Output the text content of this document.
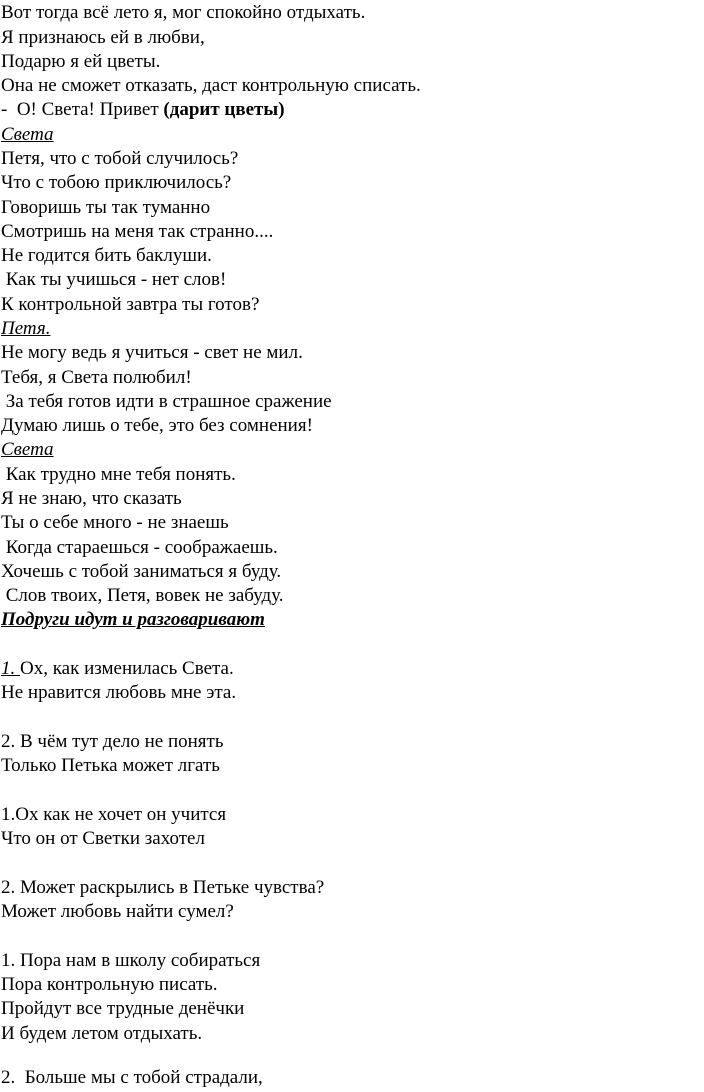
Вот тогда всё лето я, мог спокойно отдыхать.
Я признаюсь ей в любви,
Подарю я ей цветы.
Она не сможет отказать, даст контрольную списать.
-  О! Света! Привет (дарит цветы)
Света
Петя, что с тобой случилось?
Что с тобою приключилось?
Говоришь ты так туманно
Смотришь на меня так странно....
Не годится бить баклуши.
Как ты учишься - нет слов!
К контрольной завтра ты готов?
Петя.
Не могу ведь я учиться - свет не мил.
Тебя, я Света полюбил!
За тебя готов идти в страшное сражение
Думаю лишь о тебе, это без сомнения!
Света
Как трудно мне тебя понять.
Я не знаю, что сказать
Ты о себе много - не знаешь
Когда стараешься - соображаешь.
Хочешь с тобой заниматься я буду.
Слов твоих, Петя, вовек не забуду.
Подруги идут и разговаривают
1. Ох, как изменилась Света.
Не нравится любовь мне эта.
2. В чём тут дело не понять
Только Петька может лгать
1.Ох как не хочет он учится
Что он от Светки захотел
2. Может раскрылись в Петьке чувства?
Может любовь найти сумел?
1. Пора нам в школу собираться
Пора контрольную писать.
Пройдут все трудные денёчки
И будем летом отдыхать.
2.  Больше мы с тобой страдали,
